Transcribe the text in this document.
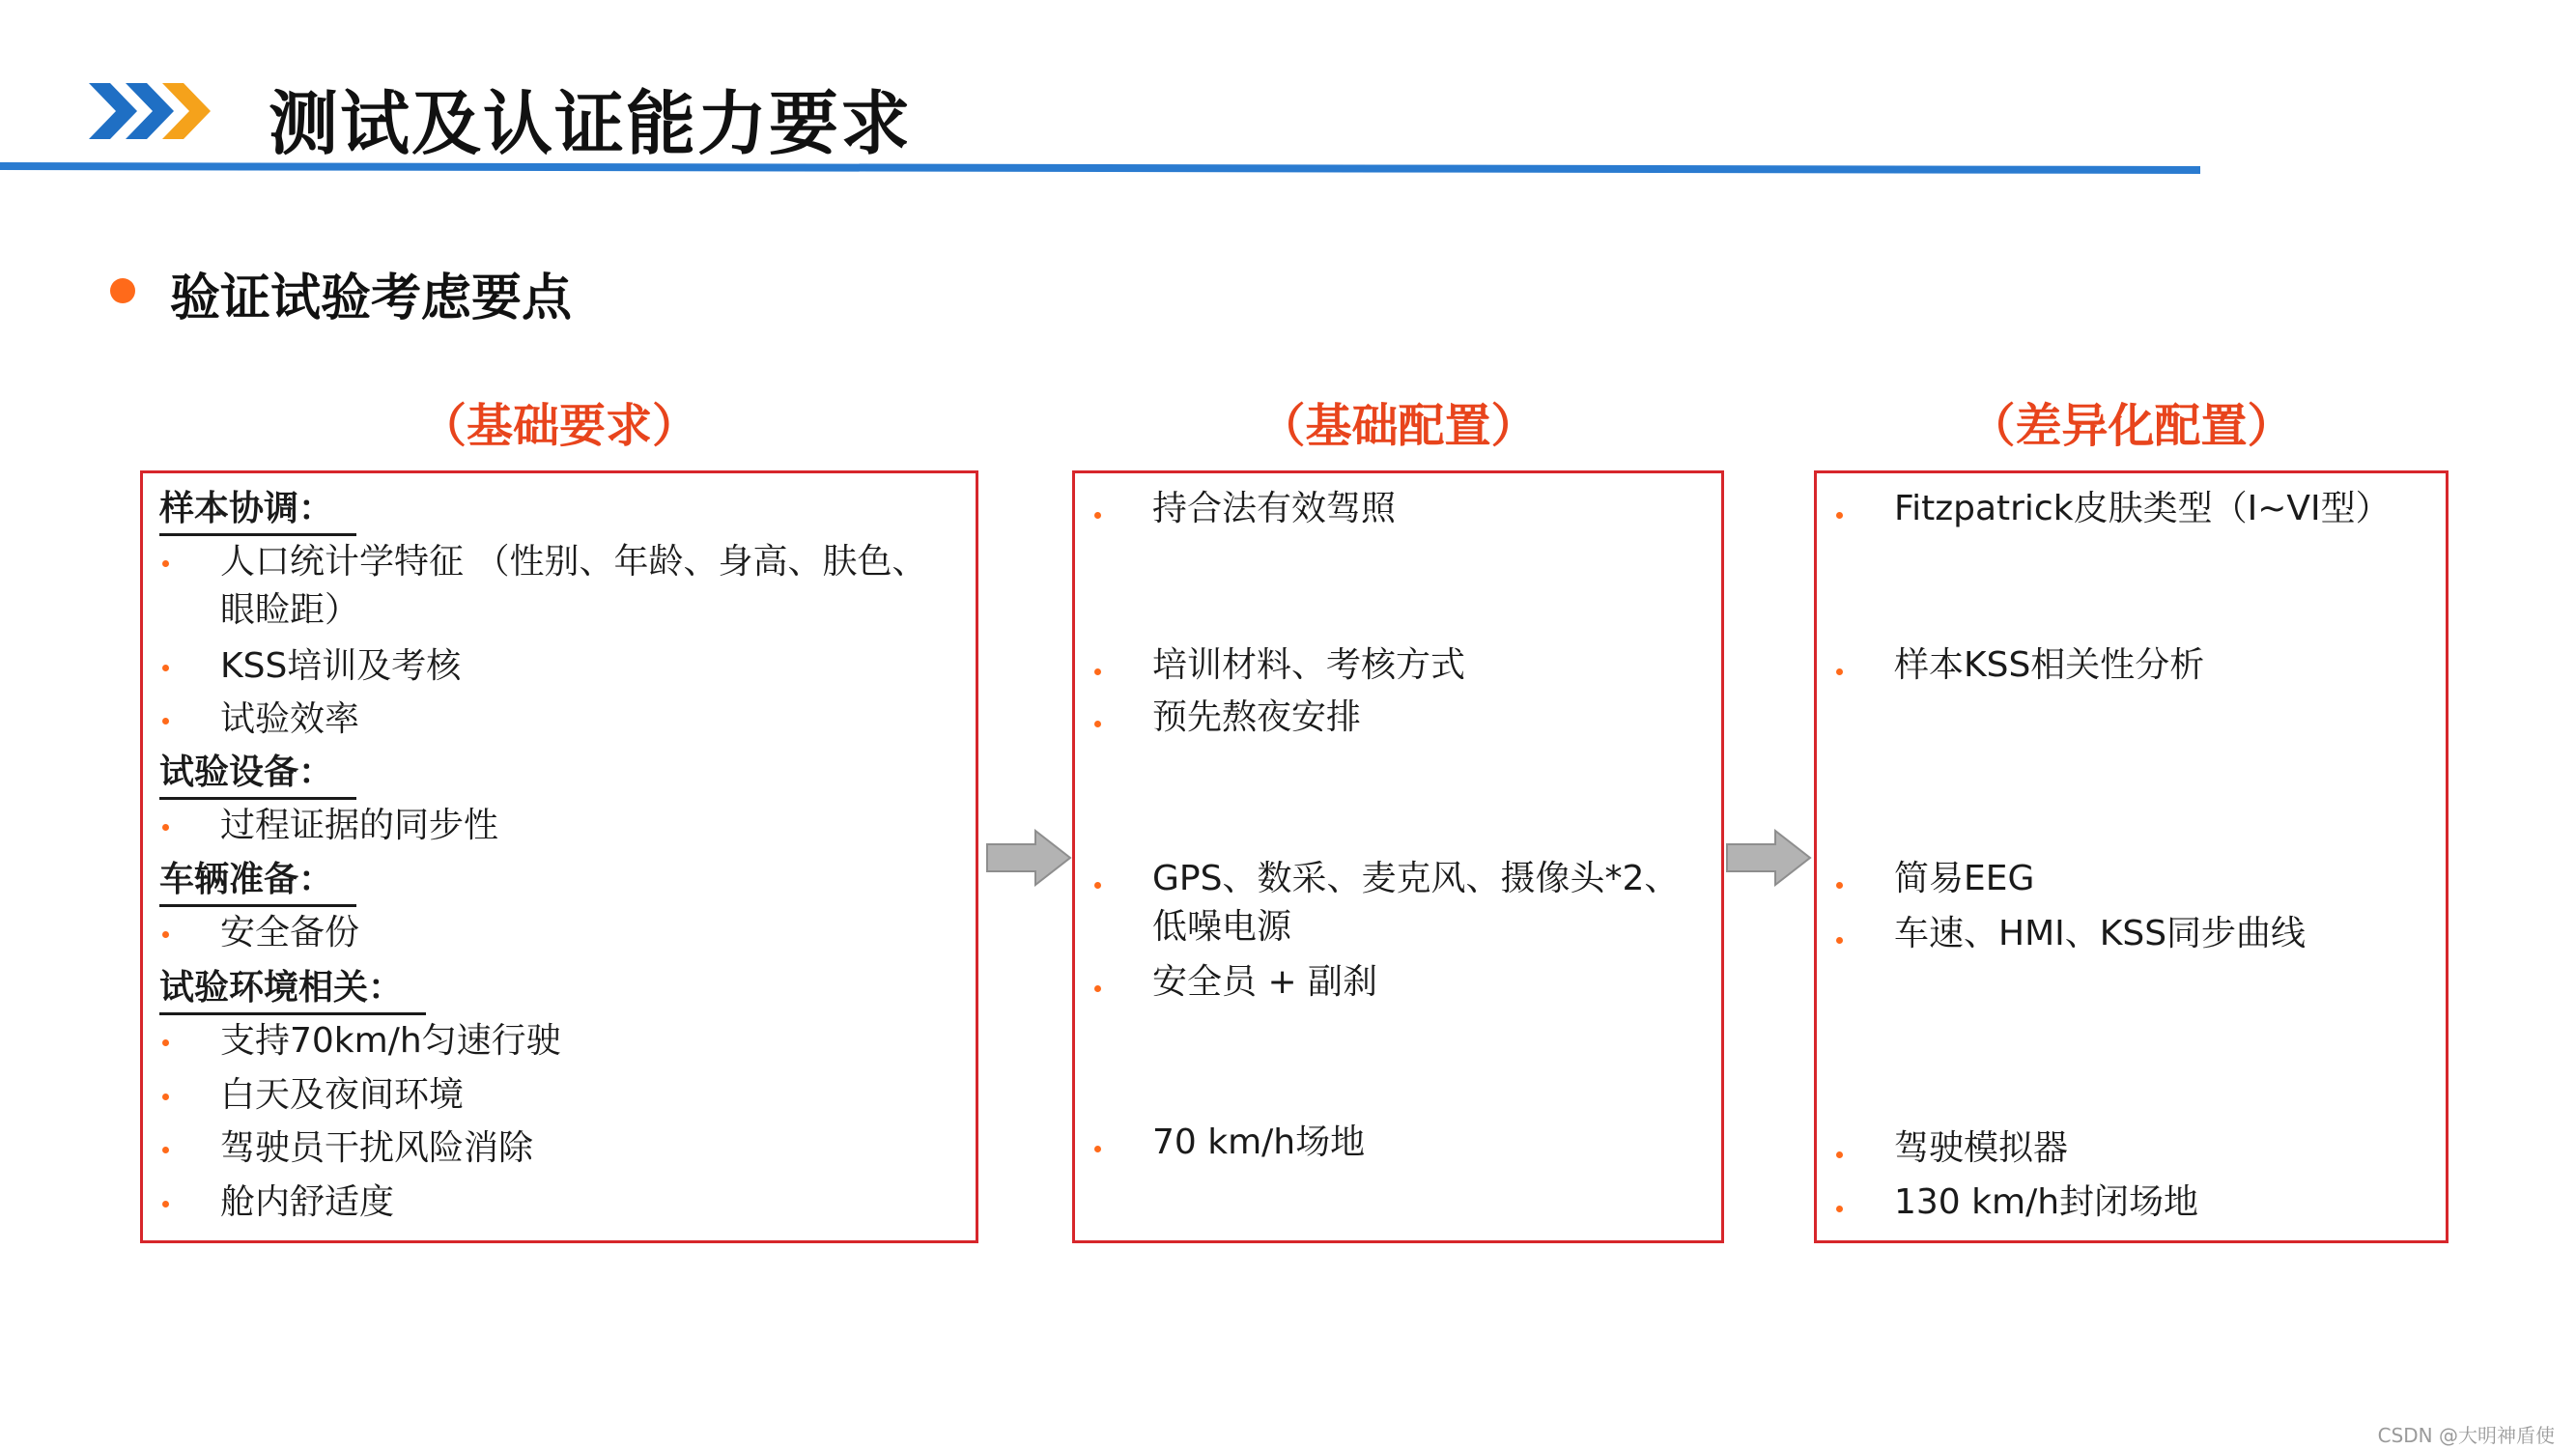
测试及认证能力要求
验证试验考虑要点
（基础要求）	（基础配置）	（差异化配置）
样本协调：
人口统计学特征 （性别、年龄、身高、肤色、
眼睑距）
KSS培训及考核
试验效率
试验设备：
过程证据的同步性
车辆准备：
安全备份
试验环境相关：
支持70km/h匀速行驶
白天及夜间环境
驾驶员干扰风险消除
舱内舒适度
持合法有效驾照
培训材料、考核方式
预先熬夜安排
GPS、数采、麦克风、摄像头*2、
低噪电源
安全员 + 副刹
70 km/h场地
Fitzpatrick皮肤类型（I~VI型）
样本KSS相关性分析
简易EEG
车速、HMI、KSS同步曲线
驾驶模拟器
130 km/h封闭场地
CSDN @大明神盾使
